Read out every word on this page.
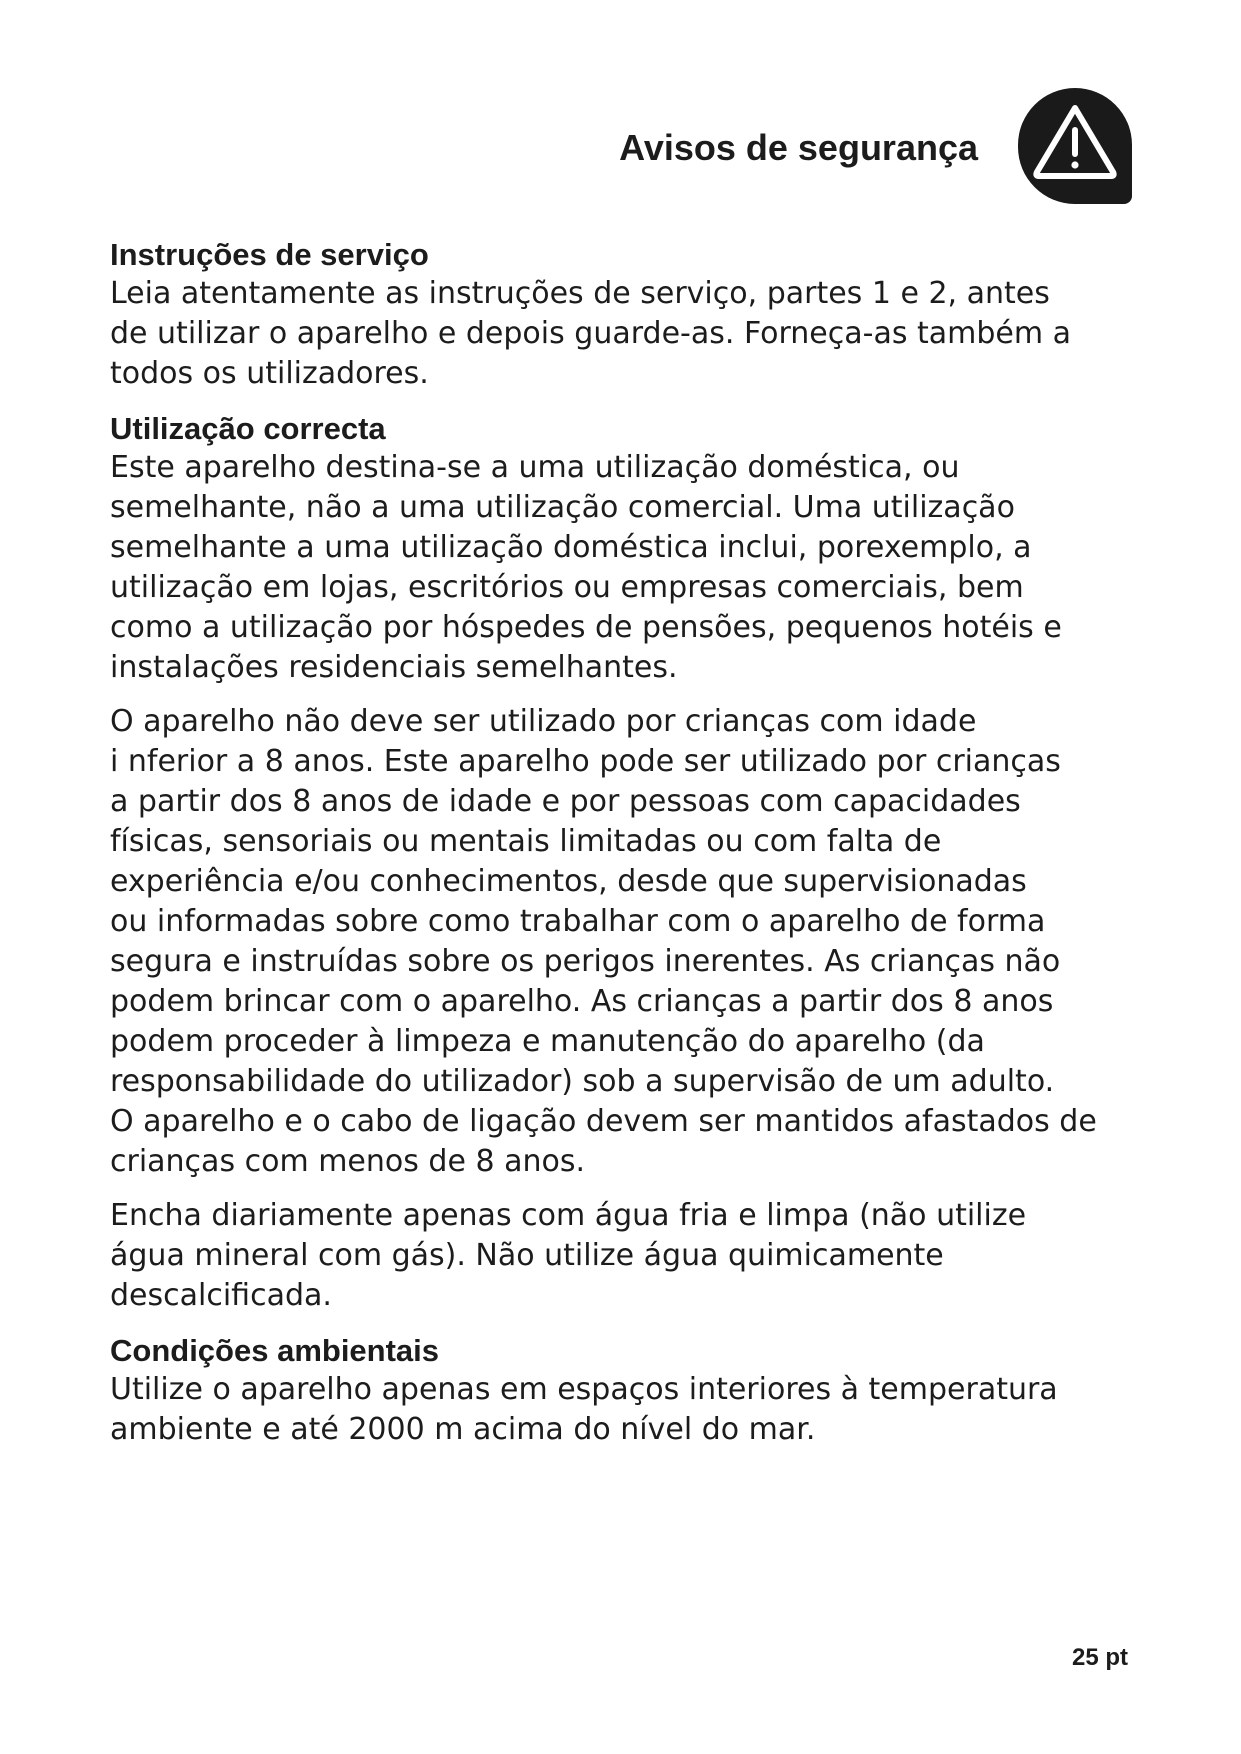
Avisos de segurança
Instruções de serviço

Leia atentamente as instruções de serviço, partes 1 e 2, antes
de utilizar o aparelho e depois guarde-as. Forneça-as também a
todos os utilizadores.

Utilização correcta

Este aparelho destina-se a uma utilização doméstica, ou
semelhante, não a uma utilização comercial. Uma utilização
semelhante a uma utilização doméstica inclui, porexemplo, a
utilização em lojas, escritórios ou empresas comerciais, bem
como a utilização por hóspedes de pensões, pequenos hotéis e
instalações residenciais semelhantes.

O aparelho não deve ser utilizado por crianças com idade
i nferior a 8 anos. Este aparelho pode ser utilizado por crianças
a partir dos 8 anos de idade e por pessoas com capacidades
físicas, sensoriais ou mentais limitadas ou com falta de
experiência e/ou conhecimentos, desde que supervisionadas
ou informadas sobre como trabalhar com o aparelho de forma
segura e instruídas sobre os perigos inerentes. As crianças não
podem brincar com o aparelho. As crianças a partir dos 8 anos
podem proceder à limpeza e manutenção do aparelho (da
responsabilidade do utilizador) sob a supervisão de um adulto.
O aparelho e o cabo de ligação devem ser mantidos afastados de
crianças com menos de 8 anos.

Encha diariamente apenas com água fria e limpa (não utilize
água mineral com gás). Não utilize água quimicamente
descalcificada.

Condições ambientais

Utilize o aparelho apenas em espaços interiores à temperatura
ambiente e até 2000 m acima do nível do mar.

25 pt
